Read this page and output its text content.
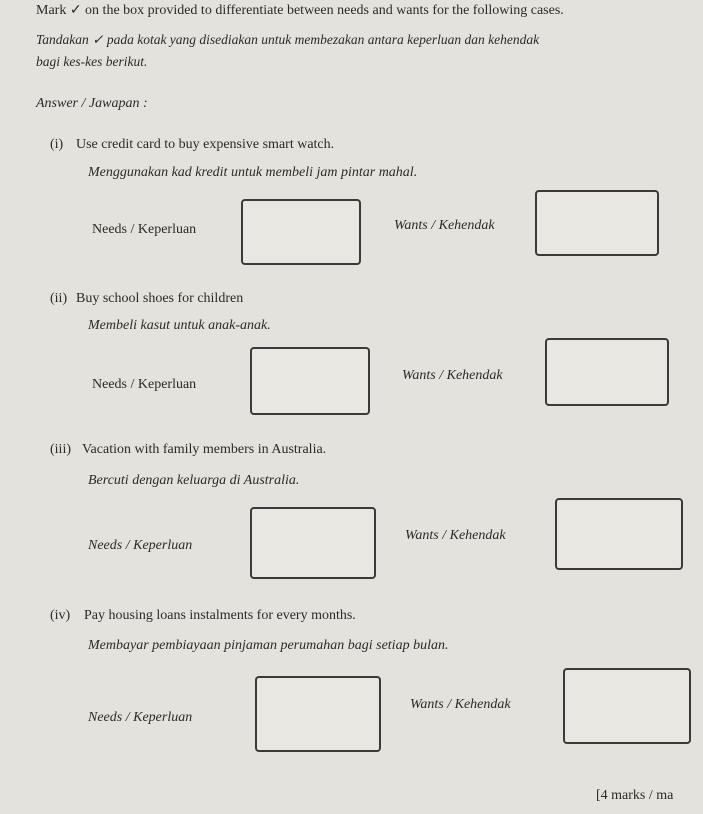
Mark ✓ on the box provided to differentiate between needs and wants for the following cases.
Tandakan ✓ pada kotak yang disediakan untuk membezakan antara keperluan dan kehendak
bagi kes-kes berikut.
Answer / Jawapan :
(i) Use credit card to buy expensive smart watch.
Menggunakan kad kredit untuk membeli jam pintar mahal.
Needs / Keperluan	Wants / Kehendak
(ii) Buy school shoes for children
Membeli kasut untuk anak-anak.
Needs / Keperluan
Wants / Kehendak
(iii) Vacation with family members in Australia.
Bercuti dengan keluarga di Australia.
Needs / Keperluan
Wants / Kehendak
(iv) Pay housing loans instalments for every months.
Membayar pembiayaan pinjaman perumahan bagi setiap bulan.
Needs / Keperluan
Wants / Kehendak
[4 marks / ma
